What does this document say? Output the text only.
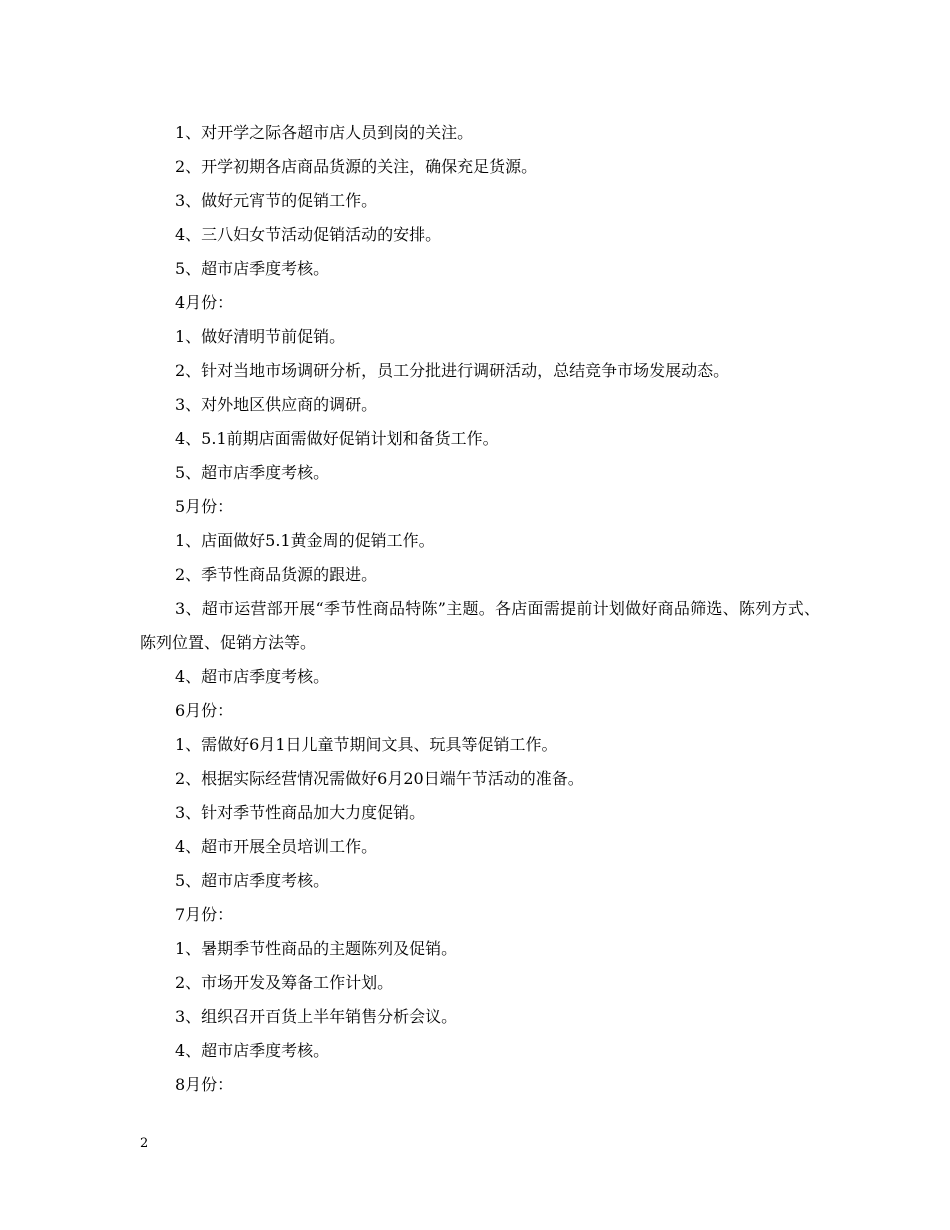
1、对开学之际各超市店人员到岗的关注。

2、开学初期各店商品货源的关注，确保充足货源。

3、做好元宵节的促销工作。

4、三八妇女节活动促销活动的安排。

5、超市店季度考核。

4月份：

1、做好清明节前促销。

2、针对当地市场调研分析，员工分批进行调研活动，总结竞争市场发展动态。

3、对外地区供应商的调研。

4、5.1前期店面需做好促销计划和备货工作。

5、超市店季度考核。

5月份：

1、店面做好5.1黄金周的促销工作。

2、季节性商品货源的跟进。

3、超市运营部开展“季节性商品特陈”主题。各店面需提前计划做好商品筛选、陈列方式、陈列位置、促销方法等。

4、超市店季度考核。

6月份：

1、需做好6月1日儿童节期间文具、玩具等促销工作。

2、根据实际经营情况需做好6月20日端午节活动的准备。

3、针对季节性商品加大力度促销。

4、超市开展全员培训工作。

5、超市店季度考核。

7月份：

1、暑期季节性商品的主题陈列及促销。

2、市场开发及筹备工作计划。

3、组织召开百货上半年销售分析会议。

4、超市店季度考核。

8月份：

2
